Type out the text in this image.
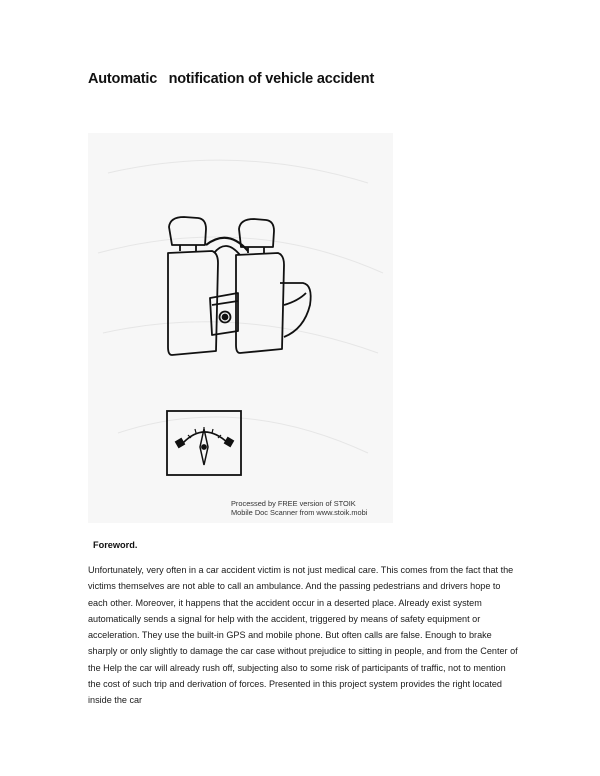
Automatic   notification of vehicle accident
Processed by FREE version of STOIK
Mobile Doc Scanner from www.stoik.mobi
Foreword.
Unfortunately, very often in a car accident victim is not just medical care. This comes from the fact that the victims themselves are not able to call an ambulance. And the passing pedestrians and drivers hope to each other. Moreover, it happens that the accident occur in a deserted place. Already exist system automatically sends a signal for help with the accident, triggered by means of safety equipment or acceleration. They use the built-in GPS and mobile phone. But often calls are false. Enough to brake sharply or only slightly to damage the car case without prejudice to sitting in people, and from the Center of the Help the car will already rush off, subjecting also to some risk of participants of traffic, not to mention the cost of such trip and derivation of forces. Presented in this project system provides the right located inside the car
